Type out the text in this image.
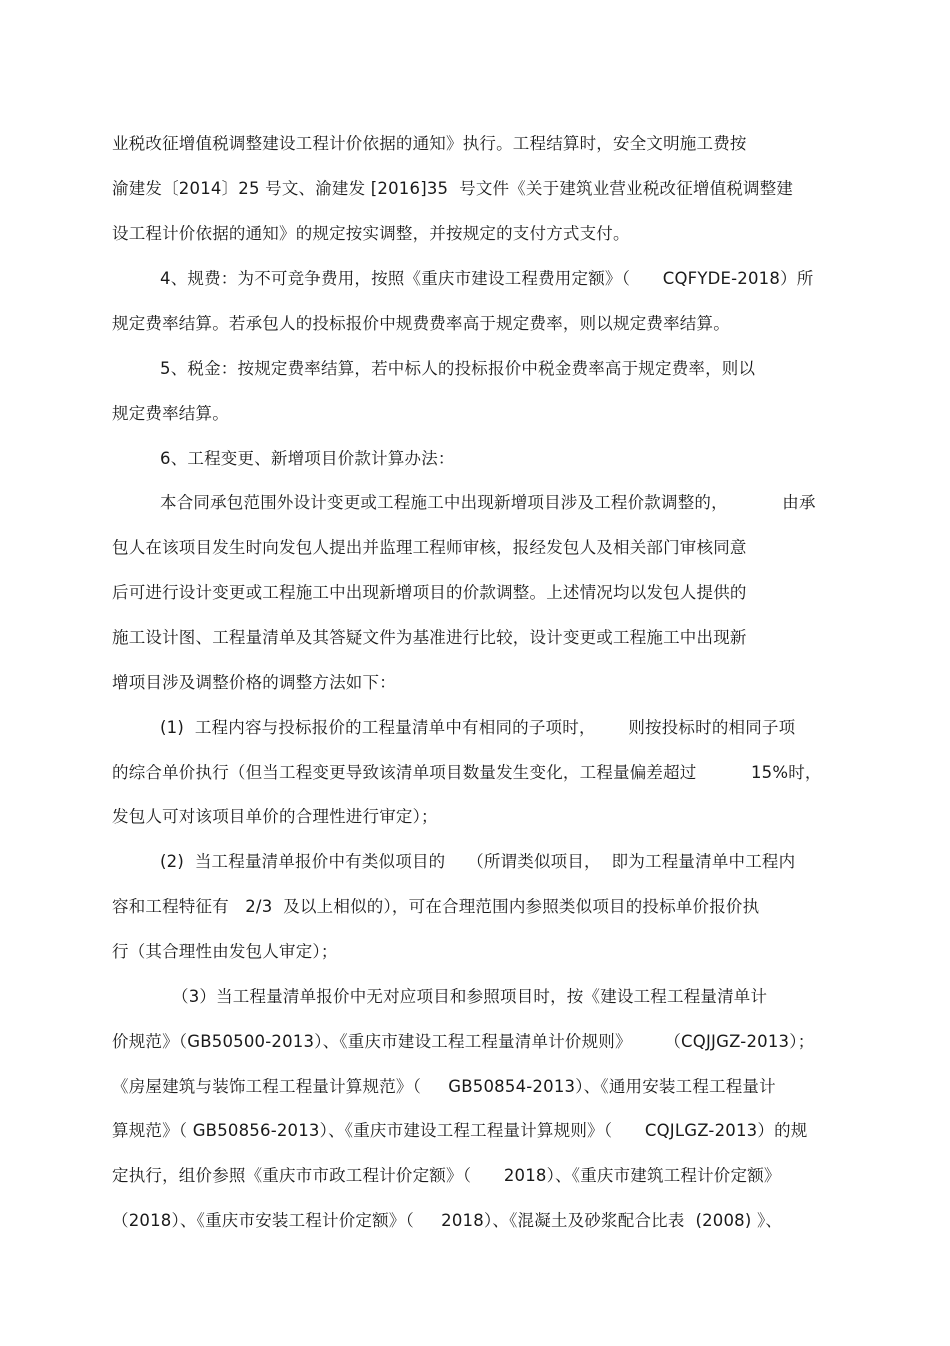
业税改征增值税调整建设工程计价依据的通知》执行。工程结算时，安全文明施工费按
渝建发〔2014〕25 号文、渝建发 [2016]35  号文件《关于建筑业营业税改征增值税调整建
设工程计价依据的通知》的规定按实调整，并按规定的支付方式支付。
4、规费：为不可竞争费用，按照《重庆市建设工程费用定额》（      CQFYDE-2018）所
规定费率结算。若承包人的投标报价中规费费率高于规定费率，则以规定费率结算。
5、税金：按规定费率结算，若中标人的投标报价中税金费率高于规定费率，则以
规定费率结算。
6、工程变更、新增项目价款计算办法：
本合同承包范围外设计变更或工程施工中出现新增项目涉及工程价款调整的，          由承
包人在该项目发生时向发包人提出并监理工程师审核，报经发包人及相关部门审核同意
后可进行设计变更或工程施工中出现新增项目的价款调整。上述情况均以发包人提供的
施工设计图、工程量清单及其答疑文件为基准进行比较，设计变更或工程施工中出现新
增项目涉及调整价格的调整方法如下：
(1)  工程内容与投标报价的工程量清单中有相同的子项时，      则按投标时的相同子项
的综合单价执行（但当工程变更导致该清单项目数量发生变化，工程量偏差超过          15%时，
发包人可对该项目单价的合理性进行审定）；
(2)  当工程量清单报价中有类似项目的    （所谓类似项目，  即为工程量清单中工程内
容和工程特征有   2/3  及以上相似的），可在合理范围内参照类似项目的投标单价报价执
行（其合理性由发包人审定）；
（3）当工程量清单报价中无对应项目和参照项目时，按《建设工程工程量清单计
价规范》（GB50500-2013）、《重庆市建设工程工程量清单计价规则》      （CQJJGZ-2013）；
《房屋建筑与装饰工程工程量计算规范》（     GB50854-2013）、《通用安装工程工程量计
算规范》（ GB50856-2013）、《重庆市建设工程工程量计算规则》（      CQJLGZ-2013）的规
定执行，组价参照《重庆市市政工程计价定额》（      2018）、《重庆市建筑工程计价定额》
（2018）、《重庆市安装工程计价定额》（     2018）、《混凝土及砂浆配合比表  (2008) 》、
